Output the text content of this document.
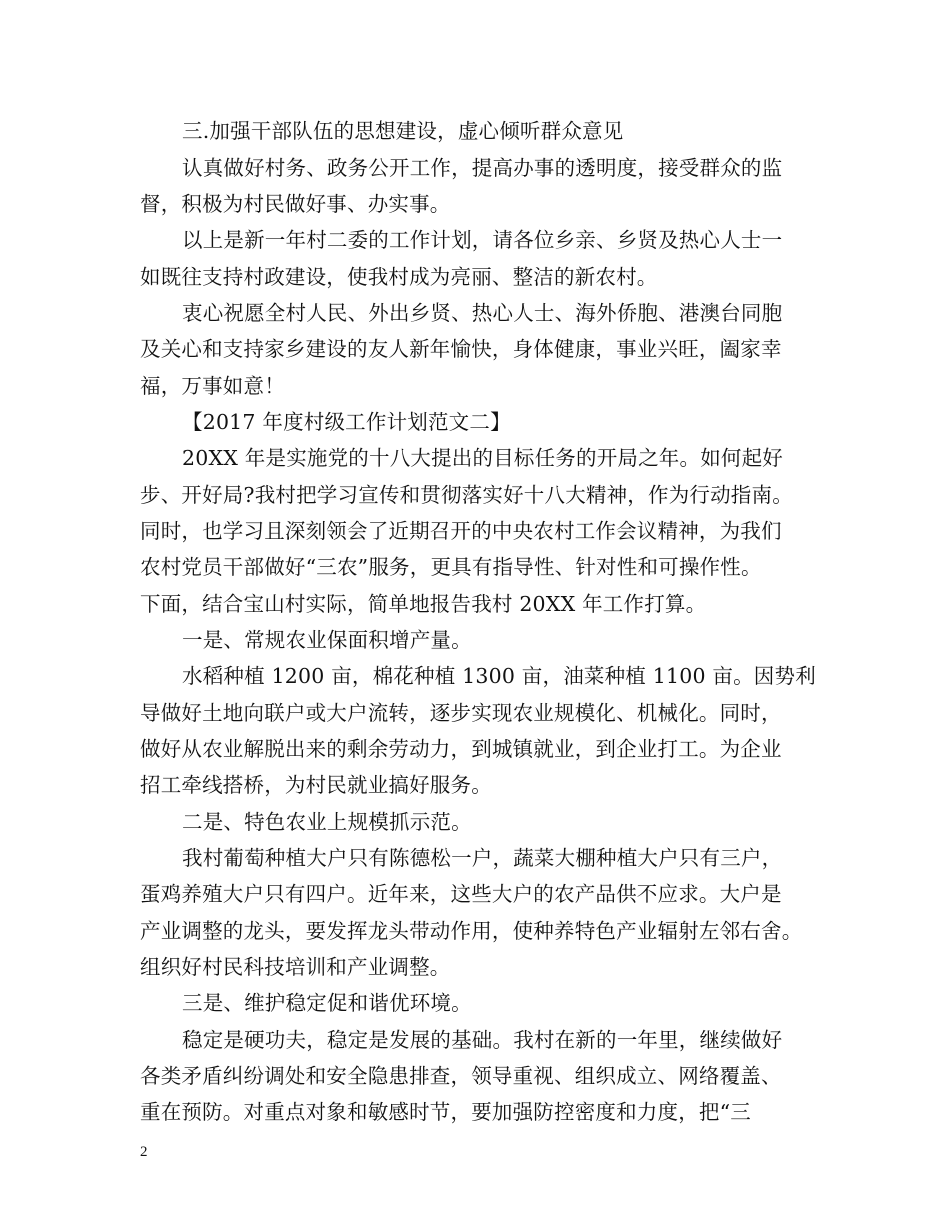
三.加强干部队伍的思想建设，虚心倾听群众意见
认真做好村务、政务公开工作，提高办事的透明度，接受群众的监
督，积极为村民做好事、办实事。
以上是新一年村二委的工作计划，请各位乡亲、乡贤及热心人士一
如既往支持村政建设，使我村成为亮丽、整洁的新农村。
衷心祝愿全村人民、外出乡贤、热心人士、海外侨胞、港澳台同胞
及关心和支持家乡建设的友人新年愉快，身体健康，事业兴旺，阖家幸
福，万事如意！
【2017 年度村级工作计划范文二】
20XX 年是实施党的十八大提出的目标任务的开局之年。如何起好
步、开好局?我村把学习宣传和贯彻落实好十八大精神，作为行动指南。
同时，也学习且深刻领会了近期召开的中央农村工作会议精神，为我们
农村党员干部做好“三农”服务，更具有指导性、针对性和可操作性。
下面，结合宝山村实际，简单地报告我村 20XX 年工作打算。
一是、常规农业保面积增产量。
水稻种植 1200 亩，棉花种植 1300 亩，油菜种植 1100 亩。因势利
导做好土地向联户或大户流转，逐步实现农业规模化、机械化。同时，
做好从农业解脱出来的剩余劳动力，到城镇就业，到企业打工。为企业
招工牵线搭桥，为村民就业搞好服务。
二是、特色农业上规模抓示范。
我村葡萄种植大户只有陈德松一户，蔬菜大棚种植大户只有三户，
蛋鸡养殖大户只有四户。近年来，这些大户的农产品供不应求。大户是
产业调整的龙头，要发挥龙头带动作用，使种养特色产业辐射左邻右舍。
组织好村民科技培训和产业调整。
三是、维护稳定促和谐优环境。
稳定是硬功夫，稳定是发展的基础。我村在新的一年里，继续做好
各类矛盾纠纷调处和安全隐患排查，领导重视、组织成立、网络覆盖、
重在预防。对重点对象和敏感时节，要加强防控密度和力度，把“三
2
